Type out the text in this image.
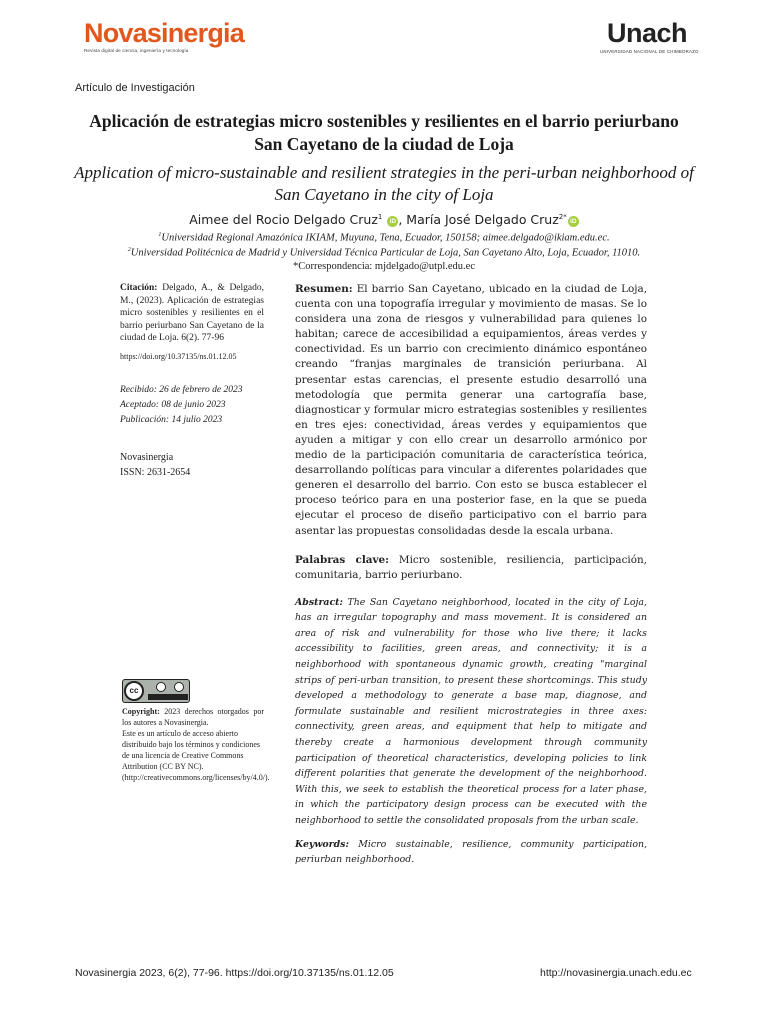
Novasinergia
Revista digital de ciencia, ingeniería y tecnología
Unach
UNIVERSIDAD NACIONAL DE CHIMBORAZO
Artículo de Investigación
Aplicación de estrategias micro sostenibles y resilientes en el barrio periurbano San Cayetano de la ciudad de Loja
Application of micro-sustainable and resilient strategies in the peri-urban neighborhood of San Cayetano in the city of Loja
Aimee del Rocio Delgado Cruz$^1$ iD , María José Delgado Cruz$^{2*}$iD
$^1$Universidad Regional Amazónica IKIAM, Muyuna, Tena, Ecuador, 150158; aimee.delgado@ikiam.edu.ec.
$^2$Universidad Politécnica de Madrid y Universidad Técnica Particular de Loja, San Cayetano Alto, Loja, Ecuador, 11010.
*Correspondencia: mjdelgado@utpl.edu.ec
Citación: Delgado, A., & Delgado, M., (2023). Aplicación de estrategias micro sostenibles y resilientes en el barrio periurbano San Cayetano de la ciudad de Loja. 6(2). 77-96
https://doi.org/10.37135/ns.01.12.05
Recibido: 26 de febrero de 2023
Aceptado: 08 de junio 2023
Publicación: 14 julio 2023
Novasinergia
ISSN: 2631-2654
cc
Copyright: 2023 derechos otorgados por los autores a Novasinergia.
Este es un artículo de acceso abierto distribuido bajo los términos y condiciones de una licencia de Creative Commons Attribution (CC BY NC). (http://creativecommons.org/licenses/by/4.0/).
Resumen: El barrio San Cayetano, ubicado en la ciudad de Loja, cuenta con una topografía irregular y movimiento de masas. Se lo considera una zona de riesgos y vulnerabilidad para quienes lo habitan; carece de accesibilidad a equipamientos, áreas verdes y conectividad. Es un barrio con crecimiento dinámico espontáneo creando “franjas marginales de transición periurbana. Al presentar estas carencias, el presente estudio desarrolló una metodología que permita generar una cartografía base, diagnosticar y formular micro estrategias sostenibles y resilientes en tres ejes: conectividad, áreas verdes y equipamientos que ayuden a mitigar y con ello crear un desarrollo armónico por medio de la participación comunitaria de característica teórica, desarrollando políticas para vincular a diferentes polaridades que generen el desarrollo del barrio. Con esto se busca establecer el proceso teórico para en una posterior fase, en la que se pueda ejecutar el proceso de diseño participativo con el barrio para asentar las propuestas consolidadas desde la escala urbana.
Palabras clave: Micro sostenible, resiliencia, participación, comunitaria, barrio periurbano.
Abstract: The San Cayetano neighborhood, located in the city of Loja, has an irregular topography and mass movement. It is considered an area of risk and vulnerability for those who live there; it lacks accessibility to facilities, green areas, and connectivity; it is a neighborhood with spontaneous dynamic growth, creating "marginal strips of peri-urban transition, to present these shortcomings. This study developed a methodology to generate a base map, diagnose, and formulate sustainable and resilient microstrategies in three axes: connectivity, green areas, and equipment that help to mitigate and thereby create a harmonious development through community participation of theoretical characteristics, developing policies to link different polarities that generate the development of the neighborhood. With this, we seek to establish the theoretical process for a later phase, in which the participatory design process can be executed with the neighborhood to settle the consolidated proposals from the urban scale.
Keywords: Micro sustainable, resilience, community participation, periurban neighborhood.
Novasinergia 2023, 6(2), 77-96. https://doi.org/10.37135/ns.01.12.05	http://novasinergia.unach.edu.ec
